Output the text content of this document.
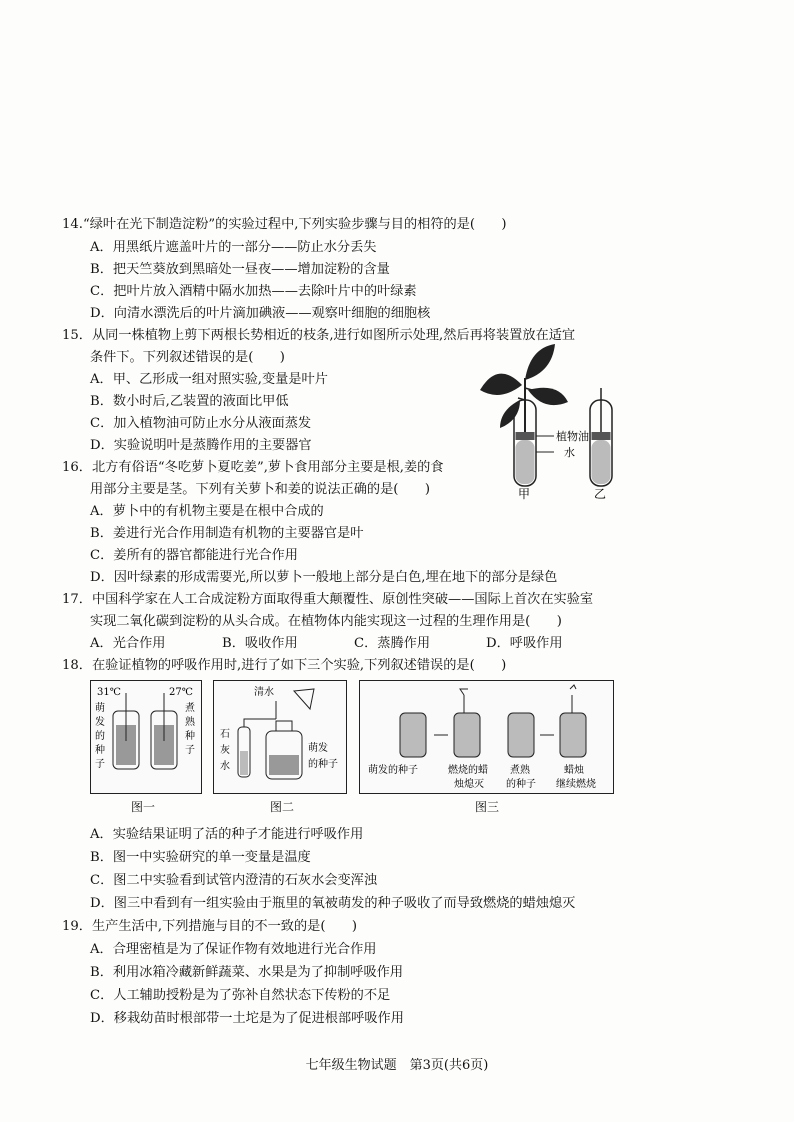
14.“绿叶在光下制造淀粉”的实验过程中,下列实验步骤与目的相符的是(　　)
A．用黑纸片遮盖叶片的一部分——防止水分丢失
B．把天竺葵放到黑暗处一昼夜——增加淀粉的含量
C．把叶片放入酒精中隔水加热——去除叶片中的叶绿素
D．向清水漂洗后的叶片滴加碘液——观察叶细胞的细胞核
15．从同一株植物上剪下两根长势相近的枝条,进行如图所示处理,然后再将装置放在适宜
条件下。下列叙述错误的是(　　)
A．甲、乙形成一组对照实验,变量是叶片
B．数小时后,乙装置的液面比甲低
C．加入植物油可防止水分从液面蒸发
D．实验说明叶是蒸腾作用的主要器官
植物油
水
甲	乙
16．北方有俗语“冬吃萝卜夏吃姜”,萝卜食用部分主要是根,姜的食
用部分主要是茎。下列有关萝卜和姜的说法正确的是(　　)
A．萝卜中的有机物主要是在根中合成的
B．姜进行光合作用制造有机物的主要器官是叶
C．姜所有的器官都能进行光合作用
D．因叶绿素的形成需要光,所以萝卜一般地上部分是白色,埋在地下的部分是绿色
17．中国科学家在人工合成淀粉方面取得重大颠覆性、原创性突破——国际上首次在实验室
实现二氧化碳到淀粉的从头合成。在植物体内能实现这一过程的生理作用是(　　)
A．光合作用	B．吸收作用	C．蒸腾作用	D．呼吸作用
18．在验证植物的呼吸作用时,进行了如下三个实验,下列叙述错误的是(　　)
31℃	27℃
萌
发
的
种
子
煮
熟
种
子
图一
清水
石
灰
水
萌发
的种子
图二
萌发的种子	燃烧的蜡
烛熄灭
煮熟
的种子
蜡烛
继续燃烧
图三
A．实验结果证明了活的种子才能进行呼吸作用
B．图一中实验研究的单一变量是温度
C．图二中实验看到试管内澄清的石灰水会变浑浊
D．图三中看到有一组实验由于瓶里的氧被萌发的种子吸收了而导致燃烧的蜡烛熄灭
19．生产生活中,下列措施与目的不一致的是(　　)
A．合理密植是为了保证作物有效地进行光合作用
B．利用冰箱冷藏新鲜蔬菜、水果是为了抑制呼吸作用
C．人工辅助授粉是为了弥补自然状态下传粉的不足
D．移栽幼苗时根部带一土坨是为了促进根部呼吸作用
七年级生物试题　第3页(共6页)
